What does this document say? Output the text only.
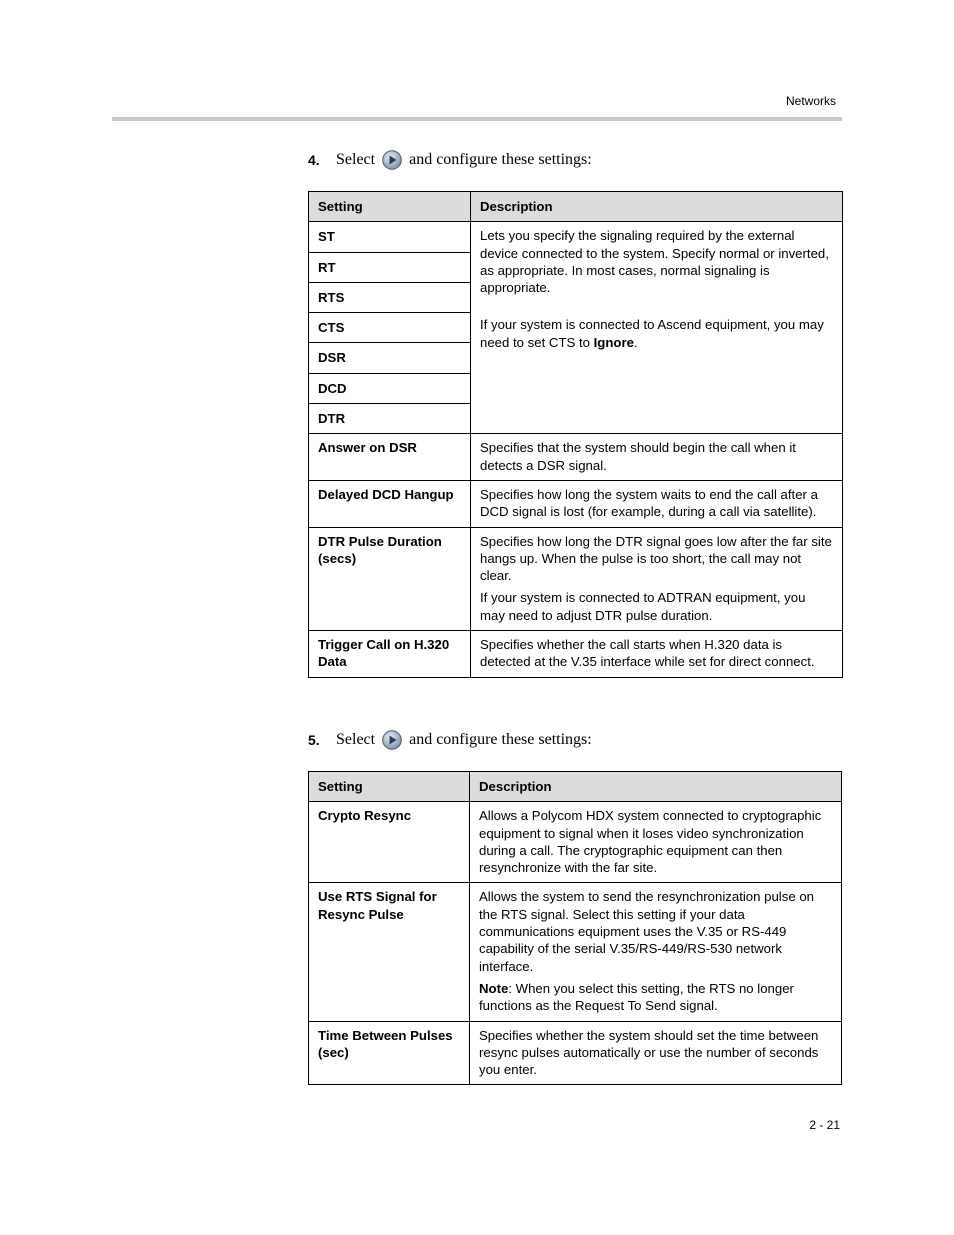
Networks
4.	Select and configure these settings:
Setting	Description
ST	Lets you specify the signaling required by the external device connected to the system. Specify normal or inverted, as appropriate. In most cases, normal signaling is appropriate.

If your system is connected to Ascend equipment, you may need to set CTS to Ignore.

RT	
RTS	
CTS	
DSR	
DCD	
DTR	
Answer on DSR	Specifies that the system should begin the call when it detects a DSR signal.

Delayed DCD Hangup	Specifies how long the system waits to end the call after a DCD signal is lost (for example, during a call via satellite).

DTR Pulse Duration (secs)	Specifies how long the DTR signal goes low after the far site hangs up. When the pulse is too short, the call may not clear.

If your system is connected to ADTRAN equipment, you may need to adjust DTR pulse duration.

Trigger Call on H.320 Data	Specifies whether the call starts when H.320 data is detected at the V.35 interface while set for direct connect.

5.	Select and configure these settings:
Setting	Description
Crypto Resync	Allows a Polycom HDX system connected to cryptographic equipment to signal when it loses video synchronization during a call. The cryptographic equipment can then resynchronize with the far site.

Use RTS Signal for Resync Pulse	Allows the system to send the resynchronization pulse on the RTS signal. Select this setting if your data communications equipment uses the V.35 or RS-449 capability of the serial V.35/RS-449/RS-530 network interface.

Note: When you select this setting, the RTS no longer functions as the Request To Send signal.

Time Between Pulses (sec)	Specifies whether the system should set the time between resync pulses automatically or use the number of seconds you enter.

2 - 21
